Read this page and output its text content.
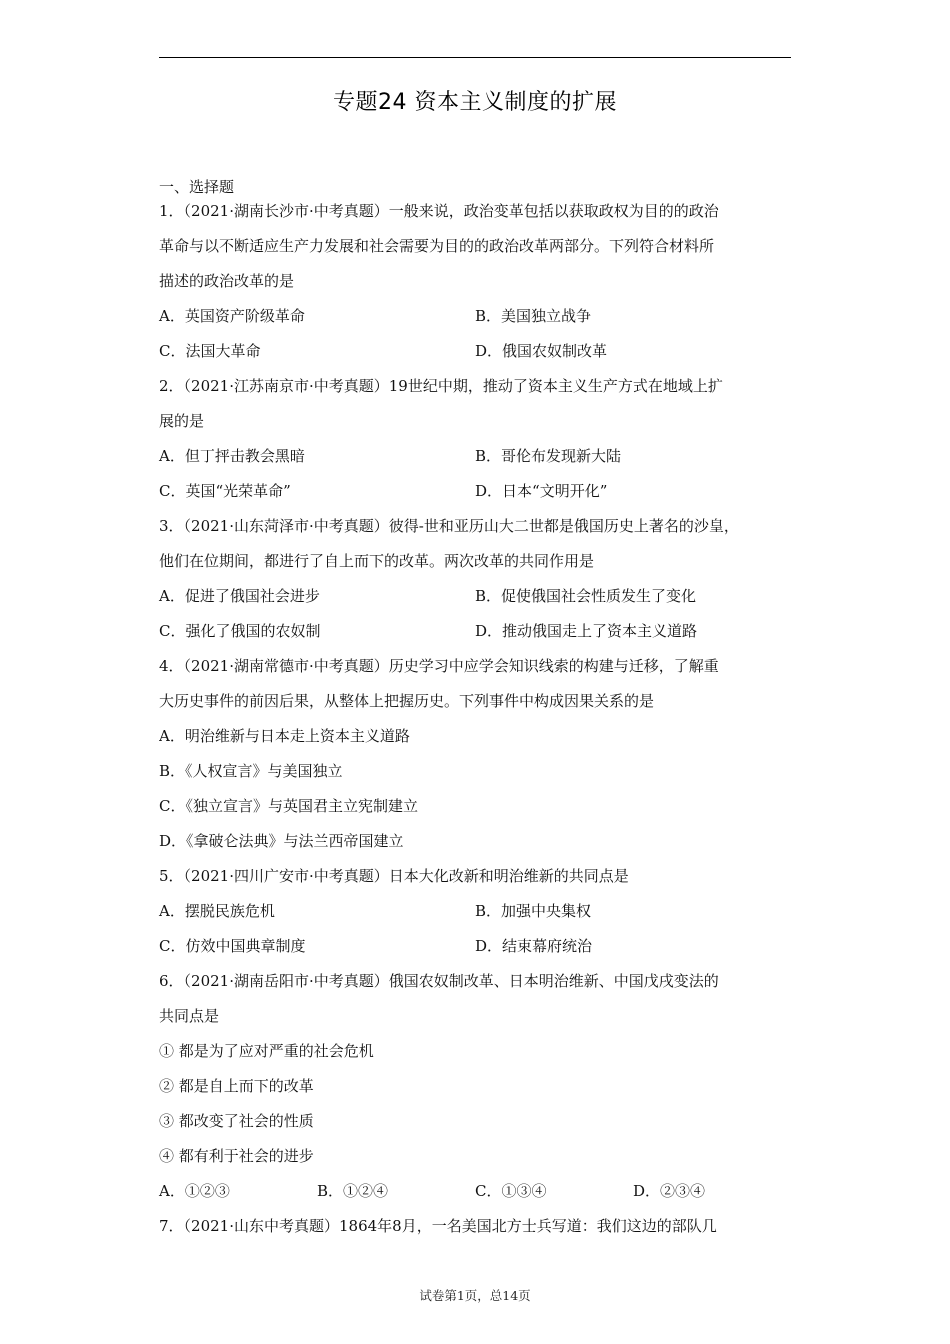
专题24 资本主义制度的扩展
一、选择题
1．（2021·湖南长沙市·中考真题）一般来说，政治变革包括以获取政权为目的的政治
革命与以不断适应生产力发展和社会需要为目的的政治改革两部分。下列符合材料所
描述的政治改革的是
A．英国资产阶级革命	B．美国独立战争
C．法国大革命	D．俄国农奴制改革
2．（2021·江苏南京市·中考真题）19世纪中期，推动了资本主义生产方式在地域上扩
展的是
A．但丁抨击教会黑暗	B．哥伦布发现新大陆
C．英国“光荣革命”	D．日本“文明开化”
3．（2021·山东菏泽市·中考真题）彼得-世和亚历山大二世都是俄国历史上著名的沙皇，
他们在位期间，都进行了自上而下的改革。两次改革的共同作用是
A．促进了俄国社会进步	B．促使俄国社会性质发生了变化
C．强化了俄国的农奴制	D．推动俄国走上了资本主义道路
4．（2021·湖南常德市·中考真题）历史学习中应学会知识线索的构建与迁移，了解重
大历史事件的前因后果，从整体上把握历史。下列事件中构成因果关系的是
A．明治维新与日本走上资本主义道路
B．《人权宣言》与美国独立
C．《独立宣言》与英国君主立宪制建立
D．《拿破仑法典》与法兰西帝国建立
5．（2021·四川广安市·中考真题）日本大化改新和明治维新的共同点是
A．摆脱民族危机	B．加强中央集权
C．仿效中国典章制度	D．结束幕府统治
6．（2021·湖南岳阳市·中考真题）俄国农奴制改革、日本明治维新、中国戊戌变法的
共同点是
① 都是为了应对严重的社会危机
② 都是自上而下的改革
③ 都改变了社会的性质
④ 都有利于社会的进步
A．①②③	B．①②④	C．①③④	D．②③④
7．（2021·山东中考真题）1864年8月，一名美国北方士兵写道：我们这边的部队几
试卷第1页，总14页
